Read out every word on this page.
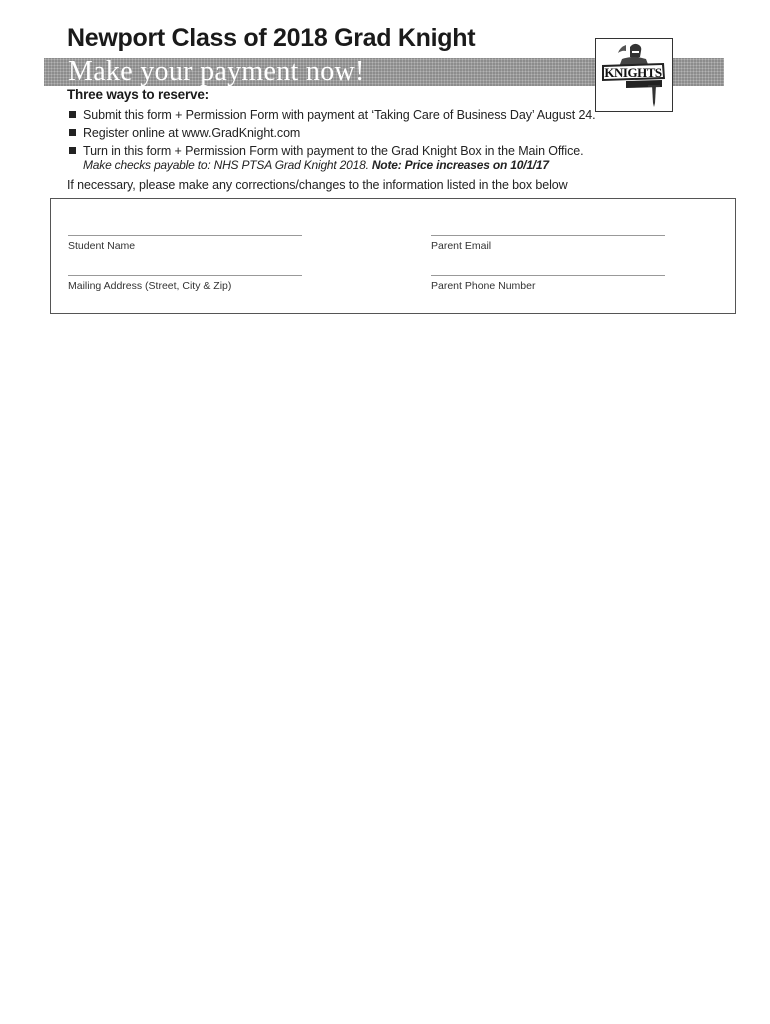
Newport Class of 2018 Grad Knight
Make your payment now!	KNIGHTS
Three ways to reserve:
Submit this form + Permission Form with payment at ‘Taking Care of Business Day’ August 24.
Register online at www.GradKnight.com
Turn in this form + Permission Form with payment to the Grad Knight Box in the Main Office.
Make checks payable to: NHS PTSA Grad Knight 2018. Note: Price increases on 10/1/17
If necessary, please make any corrections/changes to the information listed in the box below
Student Name	Parent Email
Mailing Address (Street, City & Zip)	Parent Phone Number
